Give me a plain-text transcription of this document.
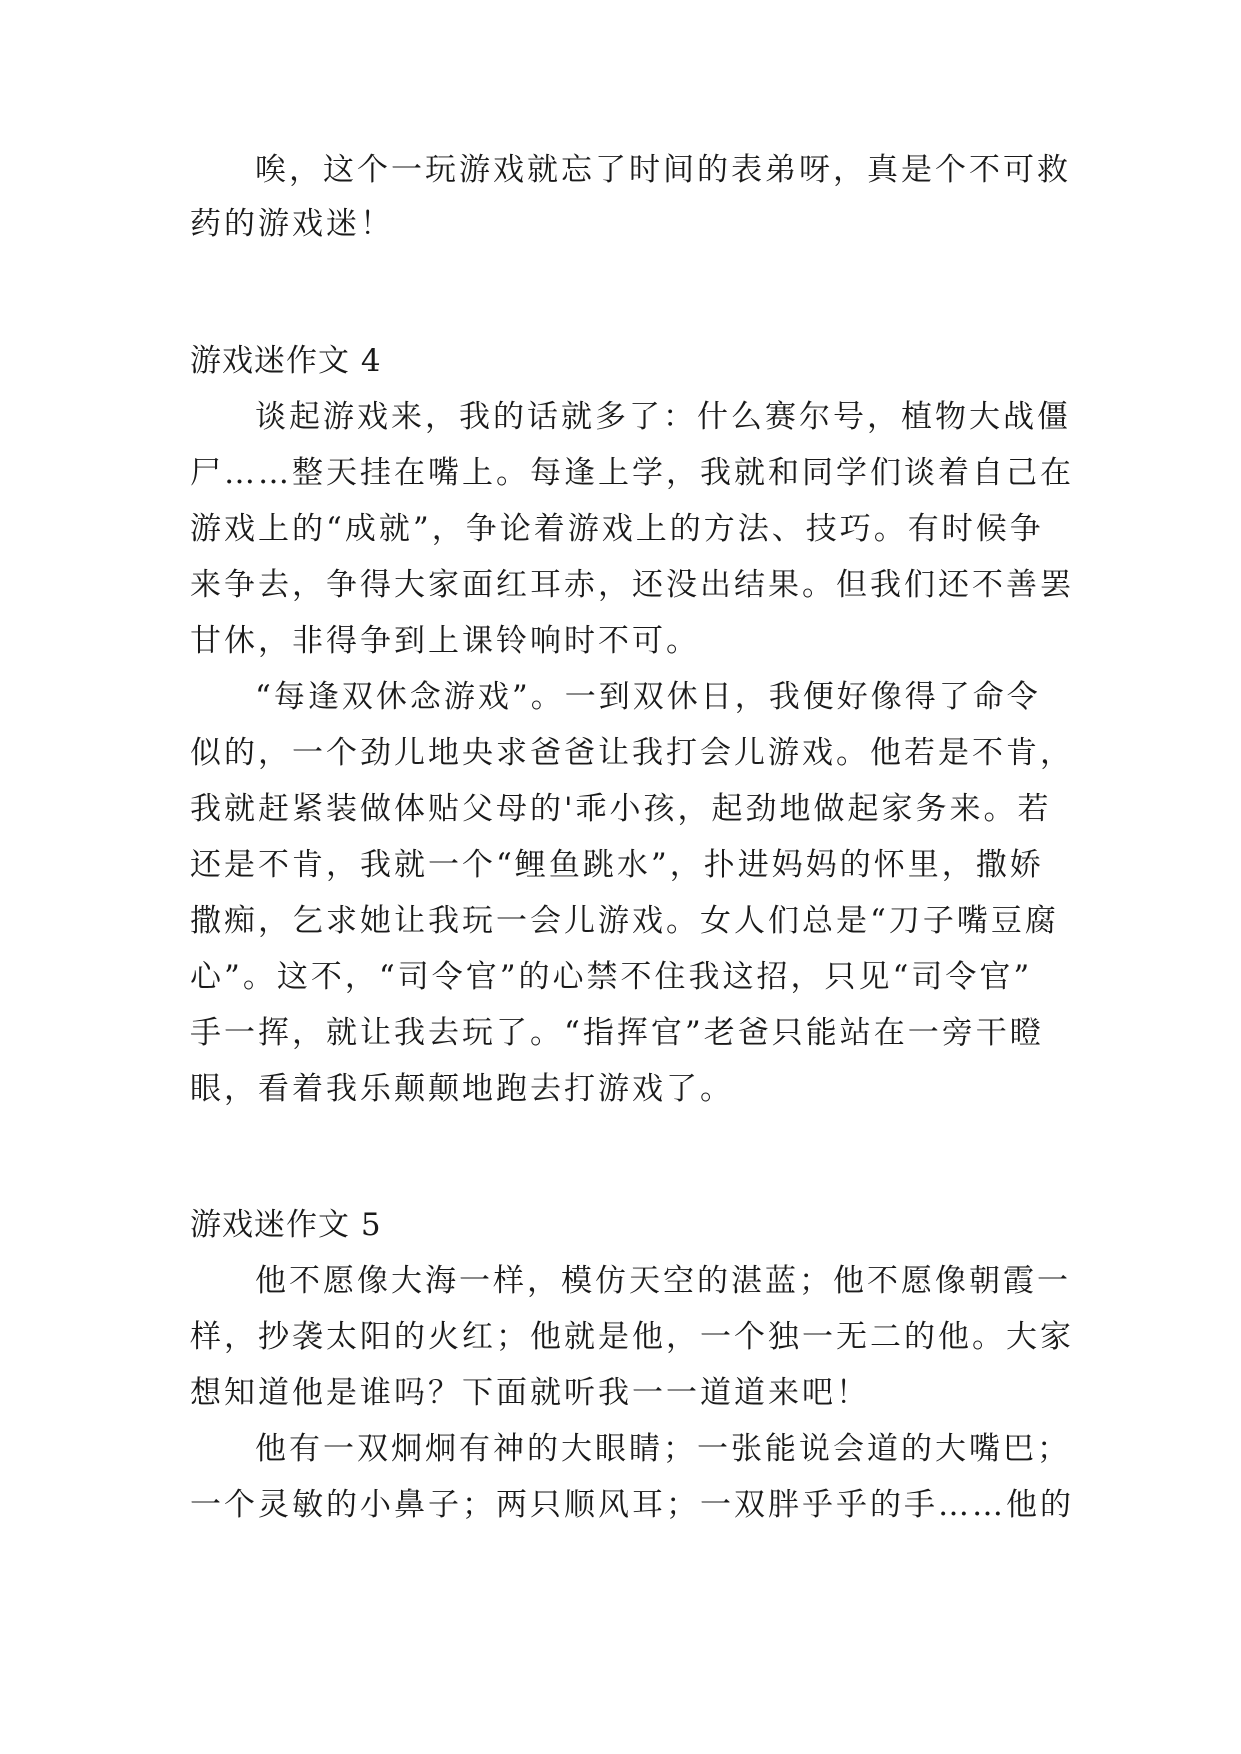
唉，这个一玩游戏就忘了时间的表弟呀，真是个不可救
药的游戏迷！
游戏迷作文 4
谈起游戏来，我的话就多了：什么赛尔号，植物大战僵
尸……整天挂在嘴上。每逢上学，我就和同学们谈着自己在
游戏上的“成就”，争论着游戏上的方法、技巧。有时候争
来争去，争得大家面红耳赤，还没出结果。但我们还不善罢
甘休，非得争到上课铃响时不可。
“每逢双休念游戏”。一到双休日，我便好像得了命令
似的，一个劲儿地央求爸爸让我打会儿游戏。他若是不肯，
我就赶紧装做体贴父母的'乖小孩，起劲地做起家务来。若
还是不肯，我就一个“鲤鱼跳水”，扑进妈妈的怀里，撒娇
撒痴，乞求她让我玩一会儿游戏。女人们总是“刀子嘴豆腐
心”。这不，“司令官”的心禁不住我这招，只见“司令官”
手一挥，就让我去玩了。“指挥官”老爸只能站在一旁干瞪
眼，看着我乐颠颠地跑去打游戏了。
游戏迷作文 5
他不愿像大海一样，模仿天空的湛蓝；他不愿像朝霞一
样，抄袭太阳的火红；他就是他，一个独一无二的他。大家
想知道他是谁吗？下面就听我一一道道来吧！
他有一双炯炯有神的大眼睛；一张能说会道的大嘴巴；
一个灵敏的小鼻子；两只顺风耳；一双胖乎乎的手……他的
